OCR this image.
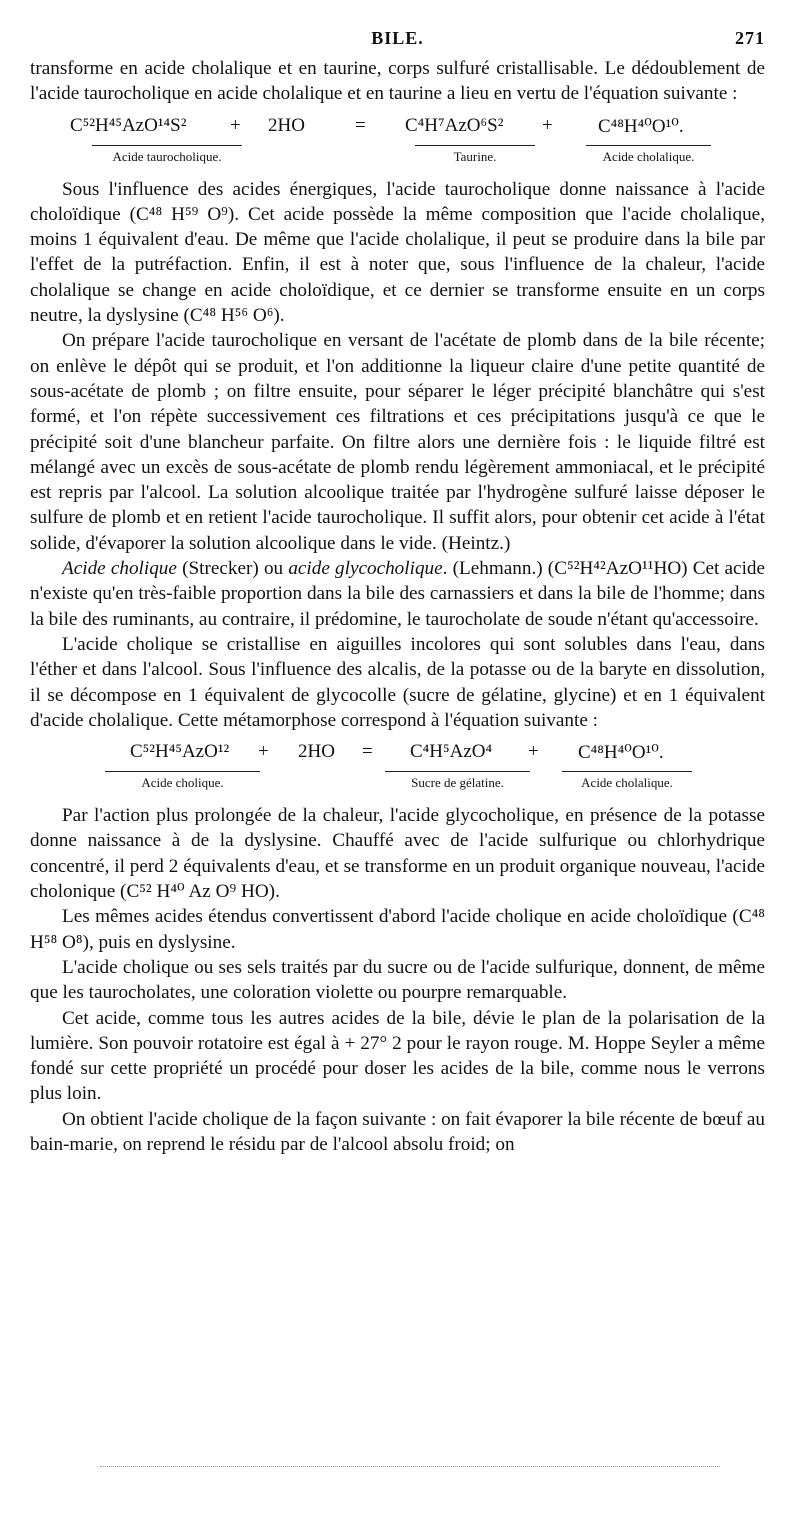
BILE.	271

transforme en acide cholalique et en taurine, corps sulfuré cristallisable. Le dédoublement de l'acide taurocholique en acide cholalique et en taurine a lieu en vertu de l'équation suivante :

C⁵²H⁴⁵AzO¹⁴S² + 2HO	= C⁴H⁷AzO⁶S² + C⁴⁸H⁴⁰O¹⁰.
Acide taurocholique.	Taurine.	Acide cholalique.

Sous l'influence des acides énergiques, l'acide taurocholique donne naissance à l'acide choloïdique (C⁴⁸ H⁵⁹ O⁹). Cet acide possède la même composition que l'acide cholalique, moins 1 équivalent d'eau. De même que l'acide cholalique, il peut se produire dans la bile par l'effet de la putréfaction. Enfin, il est à noter que, sous l'influence de la chaleur, l'acide cholalique se change en acide choloïdique, et ce dernier se transforme ensuite en un corps neutre, la dyslysine (C⁴⁸ H⁵⁶ O⁶).

On prépare l'acide taurocholique en versant de l'acétate de plomb dans de la bile récente; on enlève le dépôt qui se produit, et l'on additionne la liqueur claire d'une petite quantité de sous-acétate de plomb ; on filtre ensuite, pour séparer le léger précipité blanchâtre qui s'est formé, et l'on répète successivement ces filtrations et ces précipitations jusqu'à ce que le précipité soit d'une blancheur parfaite. On filtre alors une dernière fois : le liquide filtré est mélangé avec un excès de sous-acétate de plomb rendu légèrement ammoniacal, et le précipité est repris par l'alcool. La solution alcoolique traitée par l'hydrogène sulfuré laisse déposer le sulfure de plomb et en retient l'acide taurocholique. Il suffit alors, pour obtenir cet acide à l'état solide, d'évaporer la solution alcoolique dans le vide. (Heintz.)

Acide cholique (Strecker) ou acide glycocholique. (Lehmann.) (C⁵²H⁴²AzO¹¹HO) Cet acide n'existe qu'en très-faible proportion dans la bile des carnassiers et dans la bile de l'homme; dans la bile des ruminants, au contraire, il prédomine, le taurocholate de soude n'étant qu'accessoire.

L'acide cholique se cristallise en aiguilles incolores qui sont solubles dans l'eau, dans l'éther et dans l'alcool. Sous l'influence des alcalis, de la potasse ou de la baryte en dissolution, il se décompose en 1 équivalent de glycocolle (sucre de gélatine, glycine) et en 1 équivalent d'acide cholalique. Cette métamorphose correspond à l'équation suivante :

C⁵²H⁴⁵AzO¹² + 2HO = C⁴H⁵AzO⁴ + C⁴⁸H⁴⁰O¹⁰.
Acide cholique.	Sucre de gélatine.	Acide cholalique.

Par l'action plus prolongée de la chaleur, l'acide glycocholique, en présence de la potasse donne naissance à de la dyslysine. Chauffé avec de l'acide sulfurique ou chlorhydrique concentré, il perd 2 équivalents d'eau, et se transforme en un produit organique nouveau, l'acide cholonique (C⁵² H⁴⁰ Az O⁹ HO).

Les mêmes acides étendus convertissent d'abord l'acide cholique en acide choloïdique (C⁴⁸ H⁵⁸ O⁸), puis en dyslysine.

L'acide cholique ou ses sels traités par du sucre ou de l'acide sulfurique, donnent, de même que les taurocholates, une coloration violette ou pourpre remarquable.

Cet acide, comme tous les autres acides de la bile, dévie le plan de la polarisation de la lumière. Son pouvoir rotatoire est égal à + 27° 2 pour le rayon rouge. M. Hoppe Seyler a même fondé sur cette propriété un procédé pour doser les acides de la bile, comme nous le verrons plus loin.

On obtient l'acide cholique de la façon suivante : on fait évaporer la bile récente de bœuf au bain-marie, on reprend le résidu par de l'alcool absolu froid; on
